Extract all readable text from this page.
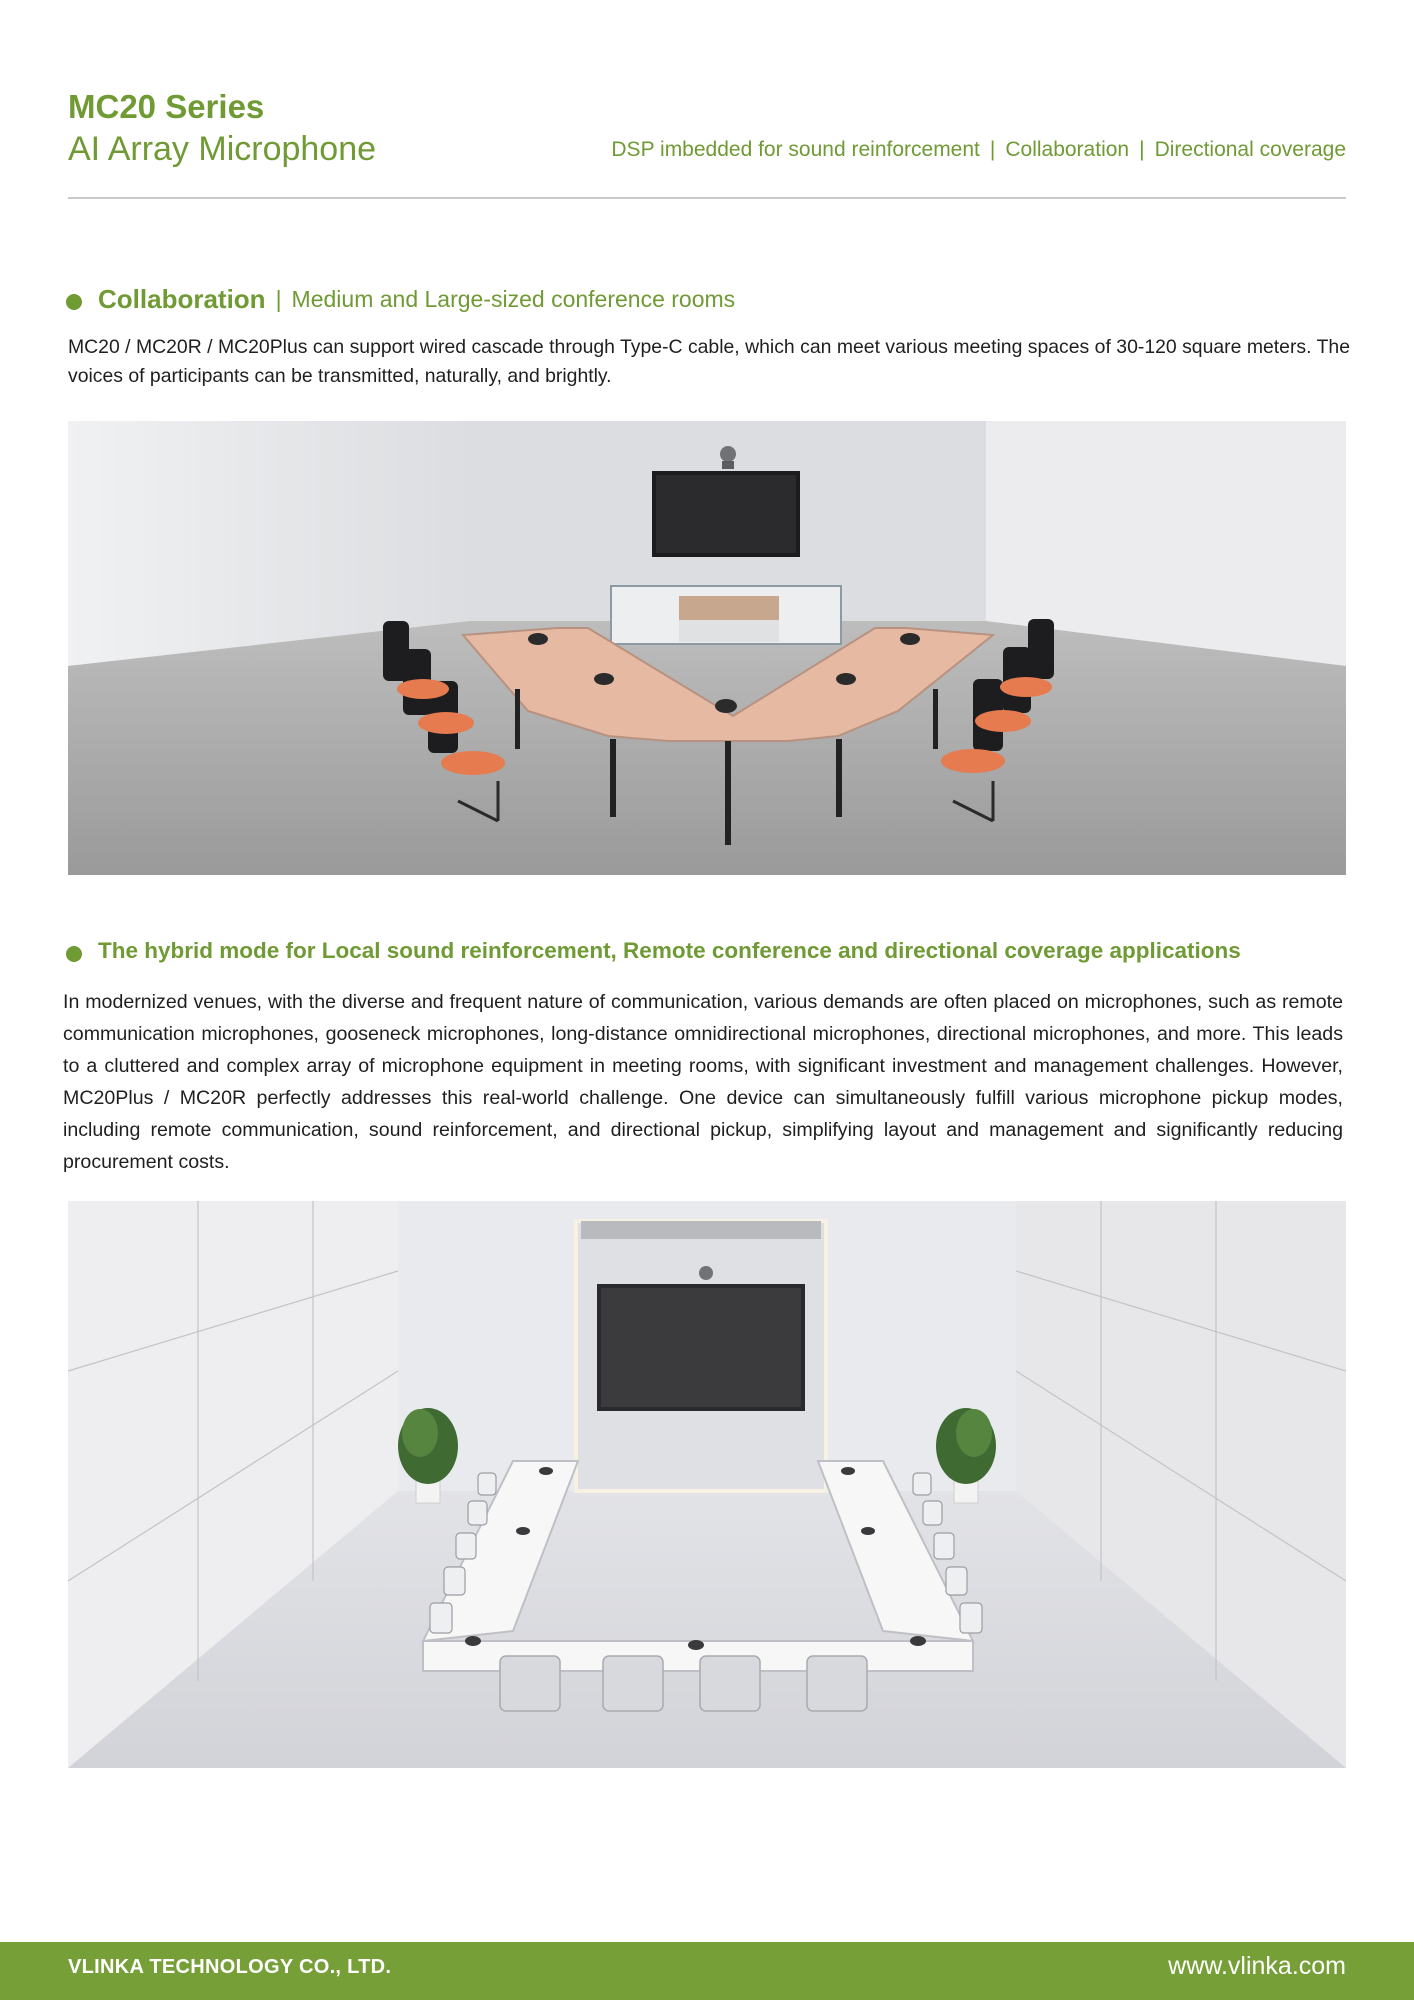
MC20 Series
AI Array Microphone	DSP imbedded for sound reinforcement | Collaboration | Directional coverage
Collaboration | Medium and Large-sized conference rooms
MC20 / MC20R / MC20Plus can support wired cascade through Type-C cable, which can meet various meeting spaces of 30-120 square meters. The voices of participants can be transmitted, naturally, and brightly.
The hybrid mode for Local sound reinforcement, Remote conference and directional coverage applications
In modernized venues, with the diverse and frequent nature of communication, various demands are often placed on microphones, such as remote communication microphones, gooseneck microphones, long-distance omnidirectional microphones, directional microphones, and more. This leads to a cluttered and complex array of microphone equipment in meeting rooms, with significant investment and management challenges. However, MC20Plus / MC20R perfectly addresses this real-world challenge. One device can simultaneously fulfill various microphone pickup modes, including remote communication, sound reinforcement, and directional pickup, simplifying layout and management and significantly reducing procurement costs.
VLINKA TECHNOLOGY CO., LTD.	www.vlinka.com
